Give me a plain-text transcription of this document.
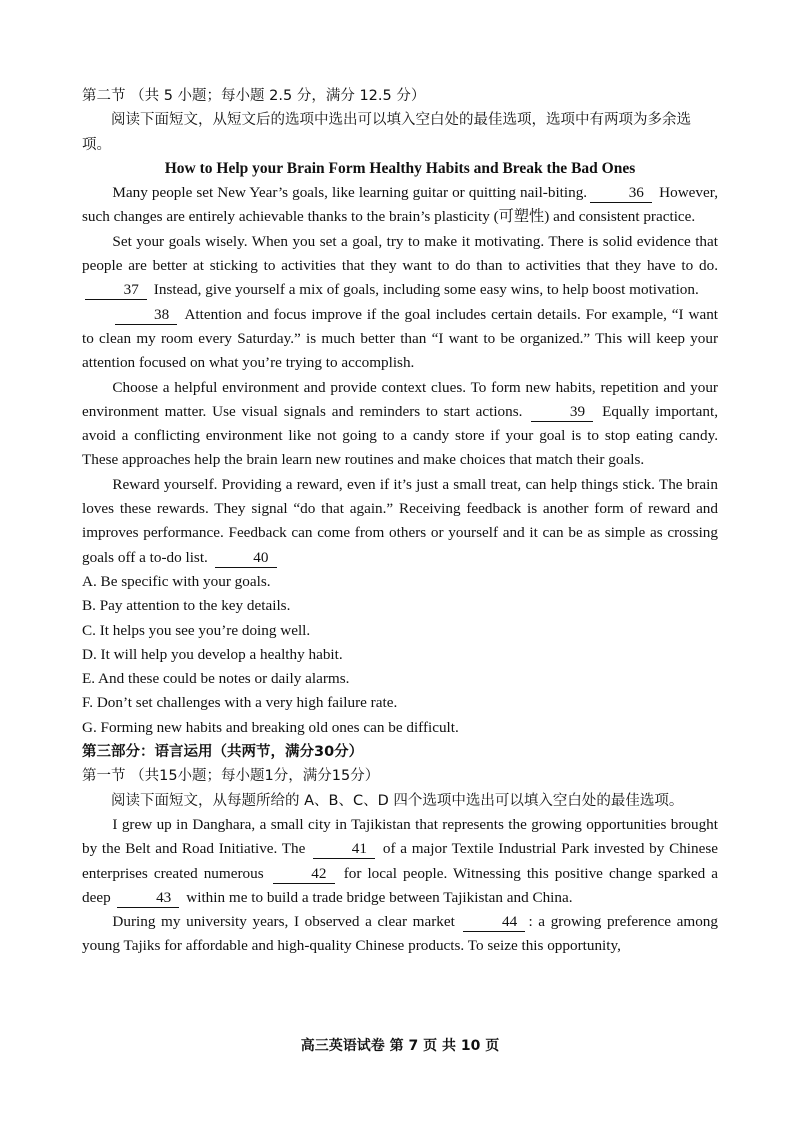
第二节 （共 5 小题；每小题 2.5 分，满分 12.5 分）

阅读下面短文，从短文后的选项中选出可以填入空白处的最佳选项，选项中有两项为多余选项。

How to Help your Brain Form Healthy Habits and Break the Bad Ones

Many people set New Year’s goals, like learning guitar or quitting nail-biting.	36 However, such changes are entirely achievable thanks to the brain’s plasticity (可塑性) and consistent practice.

Set your goals wisely. When you set a goal, try to make it motivating. There is solid evidence that people are better at sticking to activities that they want to do than to activities that they have to do. 37 Instead, give yourself a mix of goals, including some easy wins, to help boost motivation.

38 Attention and focus improve if the goal includes certain details. For example, “I want to clean my room every Saturday.” is much better than “I want to be organized.” This will keep your attention focused on what you’re trying to accomplish.

Choose a helpful environment and provide context clues. To form new habits, repetition and your environment matter. Use visual signals and reminders to start actions.	39 Equally important, avoid a conflicting environment like not going to a candy store if your goal is to stop eating candy. These approaches help the brain learn new routines and make choices that match their goals.

Reward yourself. Providing a reward, even if it’s just a small treat, can help things stick. The brain loves these rewards. They signal “do that again.” Receiving feedback is another form of reward and improves performance. Feedback can come from others or yourself and it can be as simple as crossing goals off a to-do list.	40

A. Be specific with your goals.

B. Pay attention to the key details.

C. It helps you see you’re doing well.

D. It will help you develop a healthy habit.

E. And these could be notes or daily alarms.

F. Don’t set challenges with a very high failure rate.

G. Forming new habits and breaking old ones can be difficult.

第三部分：语言运用（共两节，满分30分）

第一节 （共15小题；每小题1分，满分15分）

阅读下面短文，从每题所给的 A、B、C、D 四个选项中选出可以填入空白处的最佳选项。

I grew up in Danghara, a small city in Tajikistan that represents the growing opportunities brought by the Belt and Road Initiative. The	41 of a major Textile Industrial Park invested by Chinese enterprises created numerous	42 for local people. Witnessing this positive change sparked a deep	43 within me to build a trade bridge between Tajikistan and China.

During my university years, I observed a clear market	44 : a growing preference among young Tajiks for affordable and high-quality Chinese products. To seize this opportunity,

高三英语试卷 第 7 页 共 10 页
